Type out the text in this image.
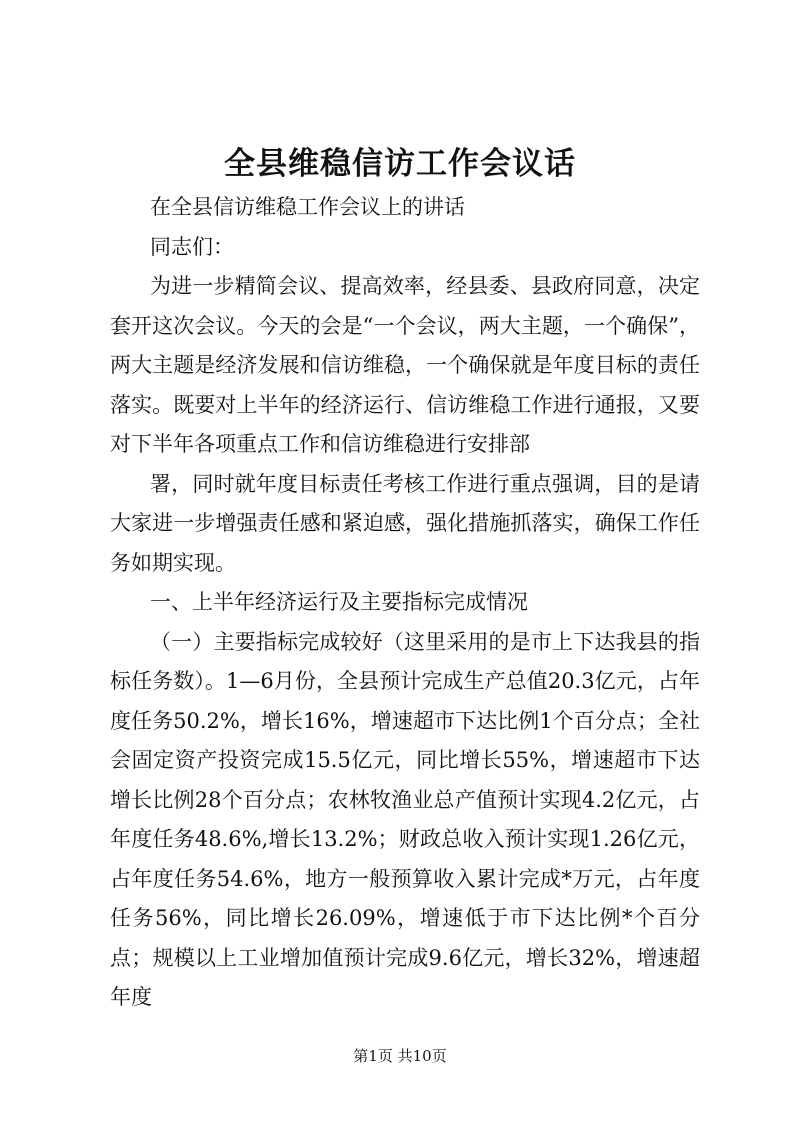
全县维稳信访工作会议话

在全县信访维稳工作会议上的讲话

同志们：

为进一步精简会议、提高效率，经县委、县政府同意，决定套开这次会议。今天的会是“一个会议，两大主题，一个确保”，两大主题是经济发展和信访维稳，一个确保就是年度目标的责任落实。既要对上半年的经济运行、信访维稳工作进行通报，又要对下半年各项重点工作和信访维稳进行安排部

署，同时就年度目标责任考核工作进行重点强调，目的是请大家进一步增强责任感和紧迫感，强化措施抓落实，确保工作任务如期实现。

一、上半年经济运行及主要指标完成情况

（一）主要指标完成较好（这里采用的是市上下达我县的指标任务数）。1—6月份，全县预计完成生产总值20.3亿元，占年度任务50.2%，增长16%，增速超市下达比例1个百分点；全社会固定资产投资完成15.5亿元，同比增长55%，增速超市下达增长比例28个百分点；农林牧渔业总产值预计实现4.2亿元，占年度任务48.6%,增长13.2%；财政总收入预计实现1.26亿元，占年度任务54.6%，地方一般预算收入累计完成*万元，占年度任务56%，同比增长26.09%，增速低于市下达比例*个百分点；规模以上工业增加值预计完成9.6亿元，增长32%，增速超年度

第1页 共10页
